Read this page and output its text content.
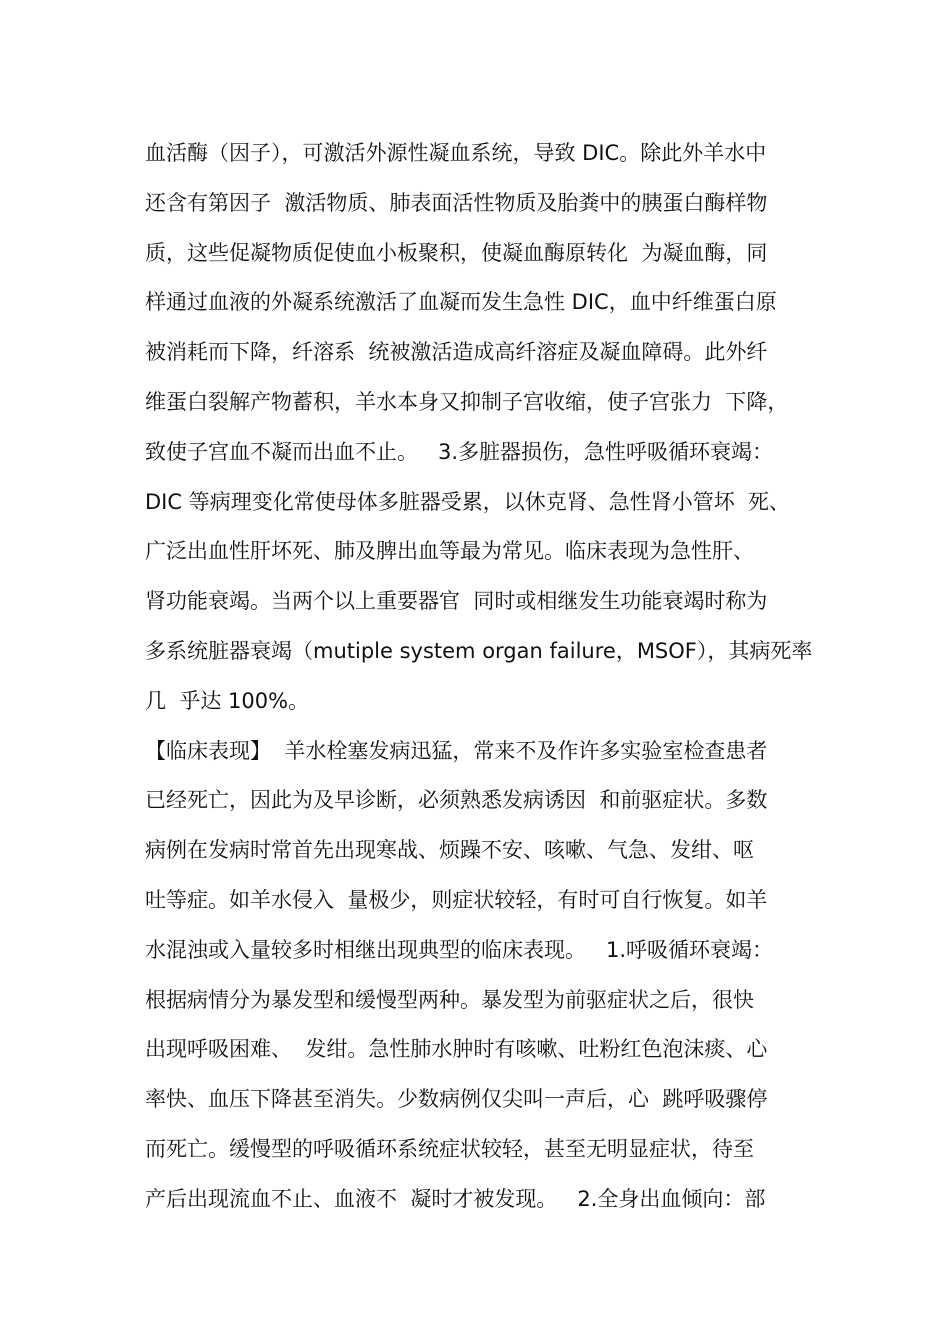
血活酶（因子），可激活外源性凝血系统，导致 DIC。除此外羊水中
还含有第因子  激活物质、肺表面活性物质及胎粪中的胰蛋白酶样物
质，这些促凝物质促使血小板聚积，使凝血酶原转化  为凝血酶，同
样通过血液的外凝系统激活了血凝而发生急性 DIC，血中纤维蛋白原
被消耗而下降，纤溶系  统被激活造成高纤溶症及凝血障碍。此外纤
维蛋白裂解产物蓄积，羊水本身又抑制子宫收缩，使子宫张力  下降，
致使子宫血不凝而出血不止。   3.多脏器损伤，急性呼吸循环衰竭：
DIC 等病理变化常使母体多脏器受累，以休克肾、急性肾小管坏  死、
广泛出血性肝坏死、肺及脾出血等最为常见。临床表现为急性肝、
肾功能衰竭。当两个以上重要器官  同时或相继发生功能衰竭时称为
多系统脏器衰竭（mutiple system organ failure，MSOF），其病死率
几  乎达 100%。
【临床表现】  羊水栓塞发病迅猛，常来不及作许多实验室检查患者
已经死亡，因此为及早诊断，必须熟悉发病诱因  和前驱症状。多数
病例在发病时常首先出现寒战、烦躁不安、咳嗽、气急、发绀、呕
吐等症。如羊水侵入  量极少，则症状较轻，有时可自行恢复。如羊
水混浊或入量较多时相继出现典型的临床表现。   1.呼吸循环衰竭：
根据病情分为暴发型和缓慢型两种。暴发型为前驱症状之后，很快
出现呼吸困难、  发绀。急性肺水肿时有咳嗽、吐粉红色泡沫痰、心
率快、血压下降甚至消失。少数病例仅尖叫一声后，心  跳呼吸骤停
而死亡。缓慢型的呼吸循环系统症状较轻，甚至无明显症状，待至
产后出现流血不止、血液不  凝时才被发现。   2.全身出血倾向：部
